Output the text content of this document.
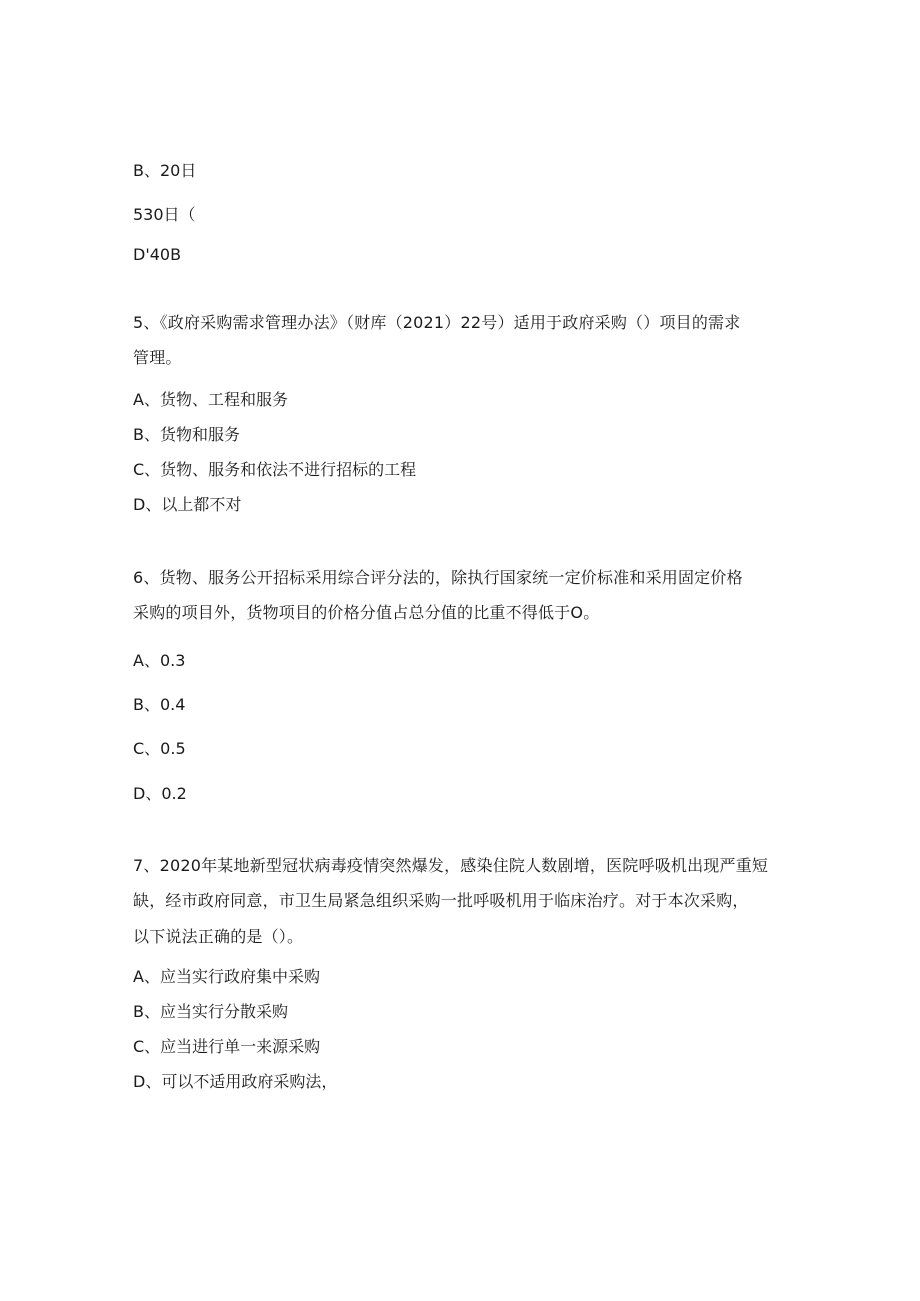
B、20日
530日（
D'40B
5、《政府采购需求管理办法》（财库（2021）22号）适用于政府采购（）项目的需求
管理。
A、货物、工程和服务
B、货物和服务
C、货物、服务和依法不进行招标的工程
D、以上都不对
6、货物、服务公开招标采用综合评分法的，除执行国家统一定价标准和采用固定价格
采购的项目外，货物项目的价格分值占总分值的比重不得低于O。
A、0.3
B、0.4
C、0.5
D、0.2
7、2020年某地新型冠状病毒疫情突然爆发，感染住院人数剧增，医院呼吸机出现严重短
缺，经市政府同意，市卫生局紧急组织采购一批呼吸机用于临床治疗。对于本次采购，
以下说法正确的是（）。
A、应当实行政府集中采购
B、应当实行分散采购
C、应当进行单一来源采购
D、可以不适用政府采购法，
